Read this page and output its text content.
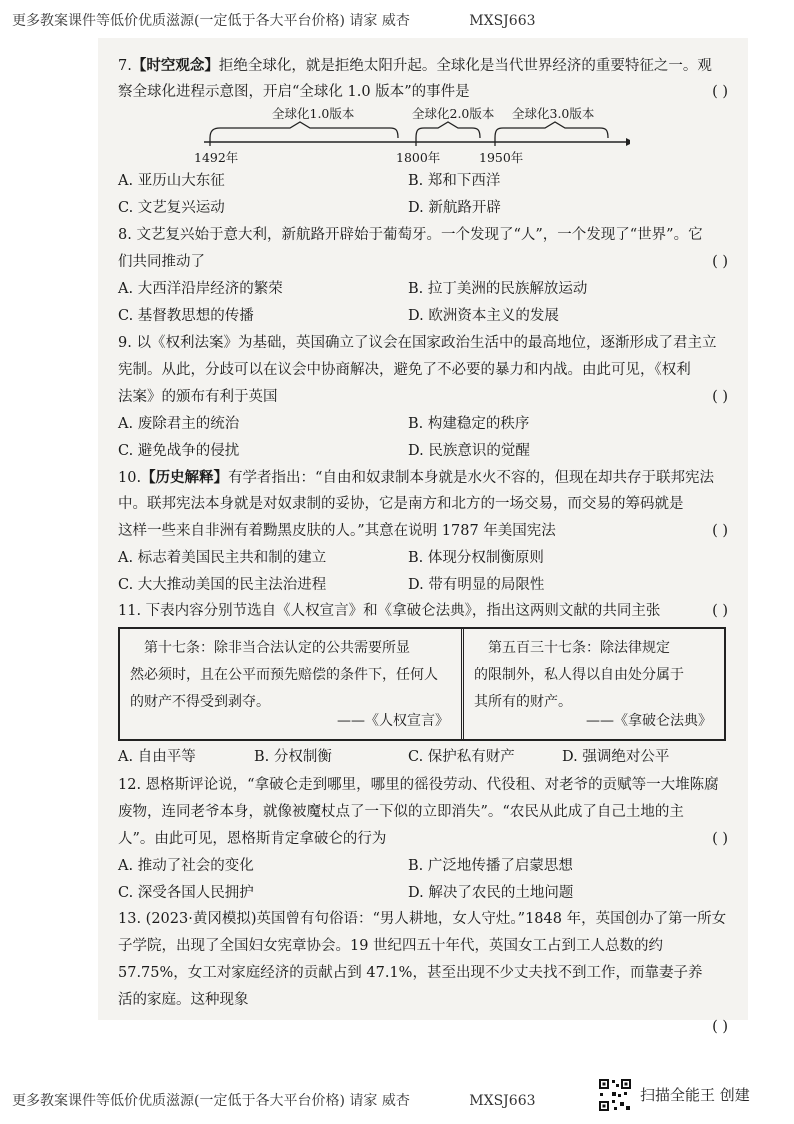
更多教案课件等低价优质滋源(一定低于各大平台价格) 请家 威杏	MXSJ663
7.【时空观念】拒绝全球化，就是拒绝太阳升起。全球化是当代世界经济的重要特征之一。观
察全球化进程示意图，开启“全球化 1.0 版本”的事件是	( )
全球化1.0版本	全球化2.0版本 全球化3.0版本
1492年	1800年	1950年
A. 亚历山大东征	B. 郑和下西洋
C. 文艺复兴运动	D. 新航路开辟
8. 文艺复兴始于意大利，新航路开辟始于葡萄牙。一个发现了“人”，一个发现了“世界”。它
们共同推动了	( )
A. 大西洋沿岸经济的繁荣	B. 拉丁美洲的民族解放运动
C. 基督教思想的传播	D. 欧洲资本主义的发展
9. 以《权利法案》为基础，英国确立了议会在国家政治生活中的最高地位，逐渐形成了君主立
宪制。从此，分歧可以在议会中协商解决，避免了不必要的暴力和内战。由此可见，《权利
法案》的颁布有利于英国	( )
A. 废除君主的统治	B. 构建稳定的秩序
C. 避免战争的侵扰	D. 民族意识的觉醒
10.【历史解释】有学者指出：“自由和奴隶制本身就是水火不容的，但现在却共存于联邦宪法
中。联邦宪法本身就是对奴隶制的妥协，它是南方和北方的一场交易，而交易的筹码就是
这样一些来自非洲有着黝黑皮肤的人。”其意在说明 1787 年美国宪法	( )
A. 标志着美国民主共和制的建立	B. 体现分权制衡原则
C. 大大推动美国的民主法治进程	D. 带有明显的局限性
11. 下表内容分别节选自《人权宣言》和《拿破仑法典》，指出这两则文献的共同主张	( )
第十七条：除非当合法认定的公共需要所显
然必须时，且在公平而预先赔偿的条件下，任何人
的财产不得受到剥夺。
——《人权宣言》
第五百三十七条：除法律规定
的限制外，私人得以自由处分属于
其所有的财产。
——《拿破仑法典》
A. 自由平等	B. 分权制衡	C. 保护私有财产	D. 强调绝对公平
12. 恩格斯评论说，“拿破仑走到哪里，哪里的徭役劳动、代役租、对老爷的贡赋等一大堆陈腐
废物，连同老爷本身，就像被魔杖点了一下似的立即消失”。“农民从此成了自己土地的主
人”。由此可见，恩格斯肯定拿破仑的行为	( )
A. 推动了社会的变化	B. 广泛地传播了启蒙思想
C. 深受各国人民拥护	D. 解决了农民的土地问题
13. (2023·黄冈模拟)英国曾有句俗语：“男人耕地，女人守灶。”1848 年，英国创办了第一所女
子学院，出现了全国妇女宪章协会。19 世纪四五十年代，英国女工占到工人总数的约
57.75%，女工对家庭经济的贡献占到 47.1%，甚至出现不少丈夫找不到工作，而靠妻子养
活的家庭。这种现象
( )
更多教案课件等低价优质滋源(一定低于各大平台价格) 请家 威杏	MXSJ663	扫描全能王 创建
